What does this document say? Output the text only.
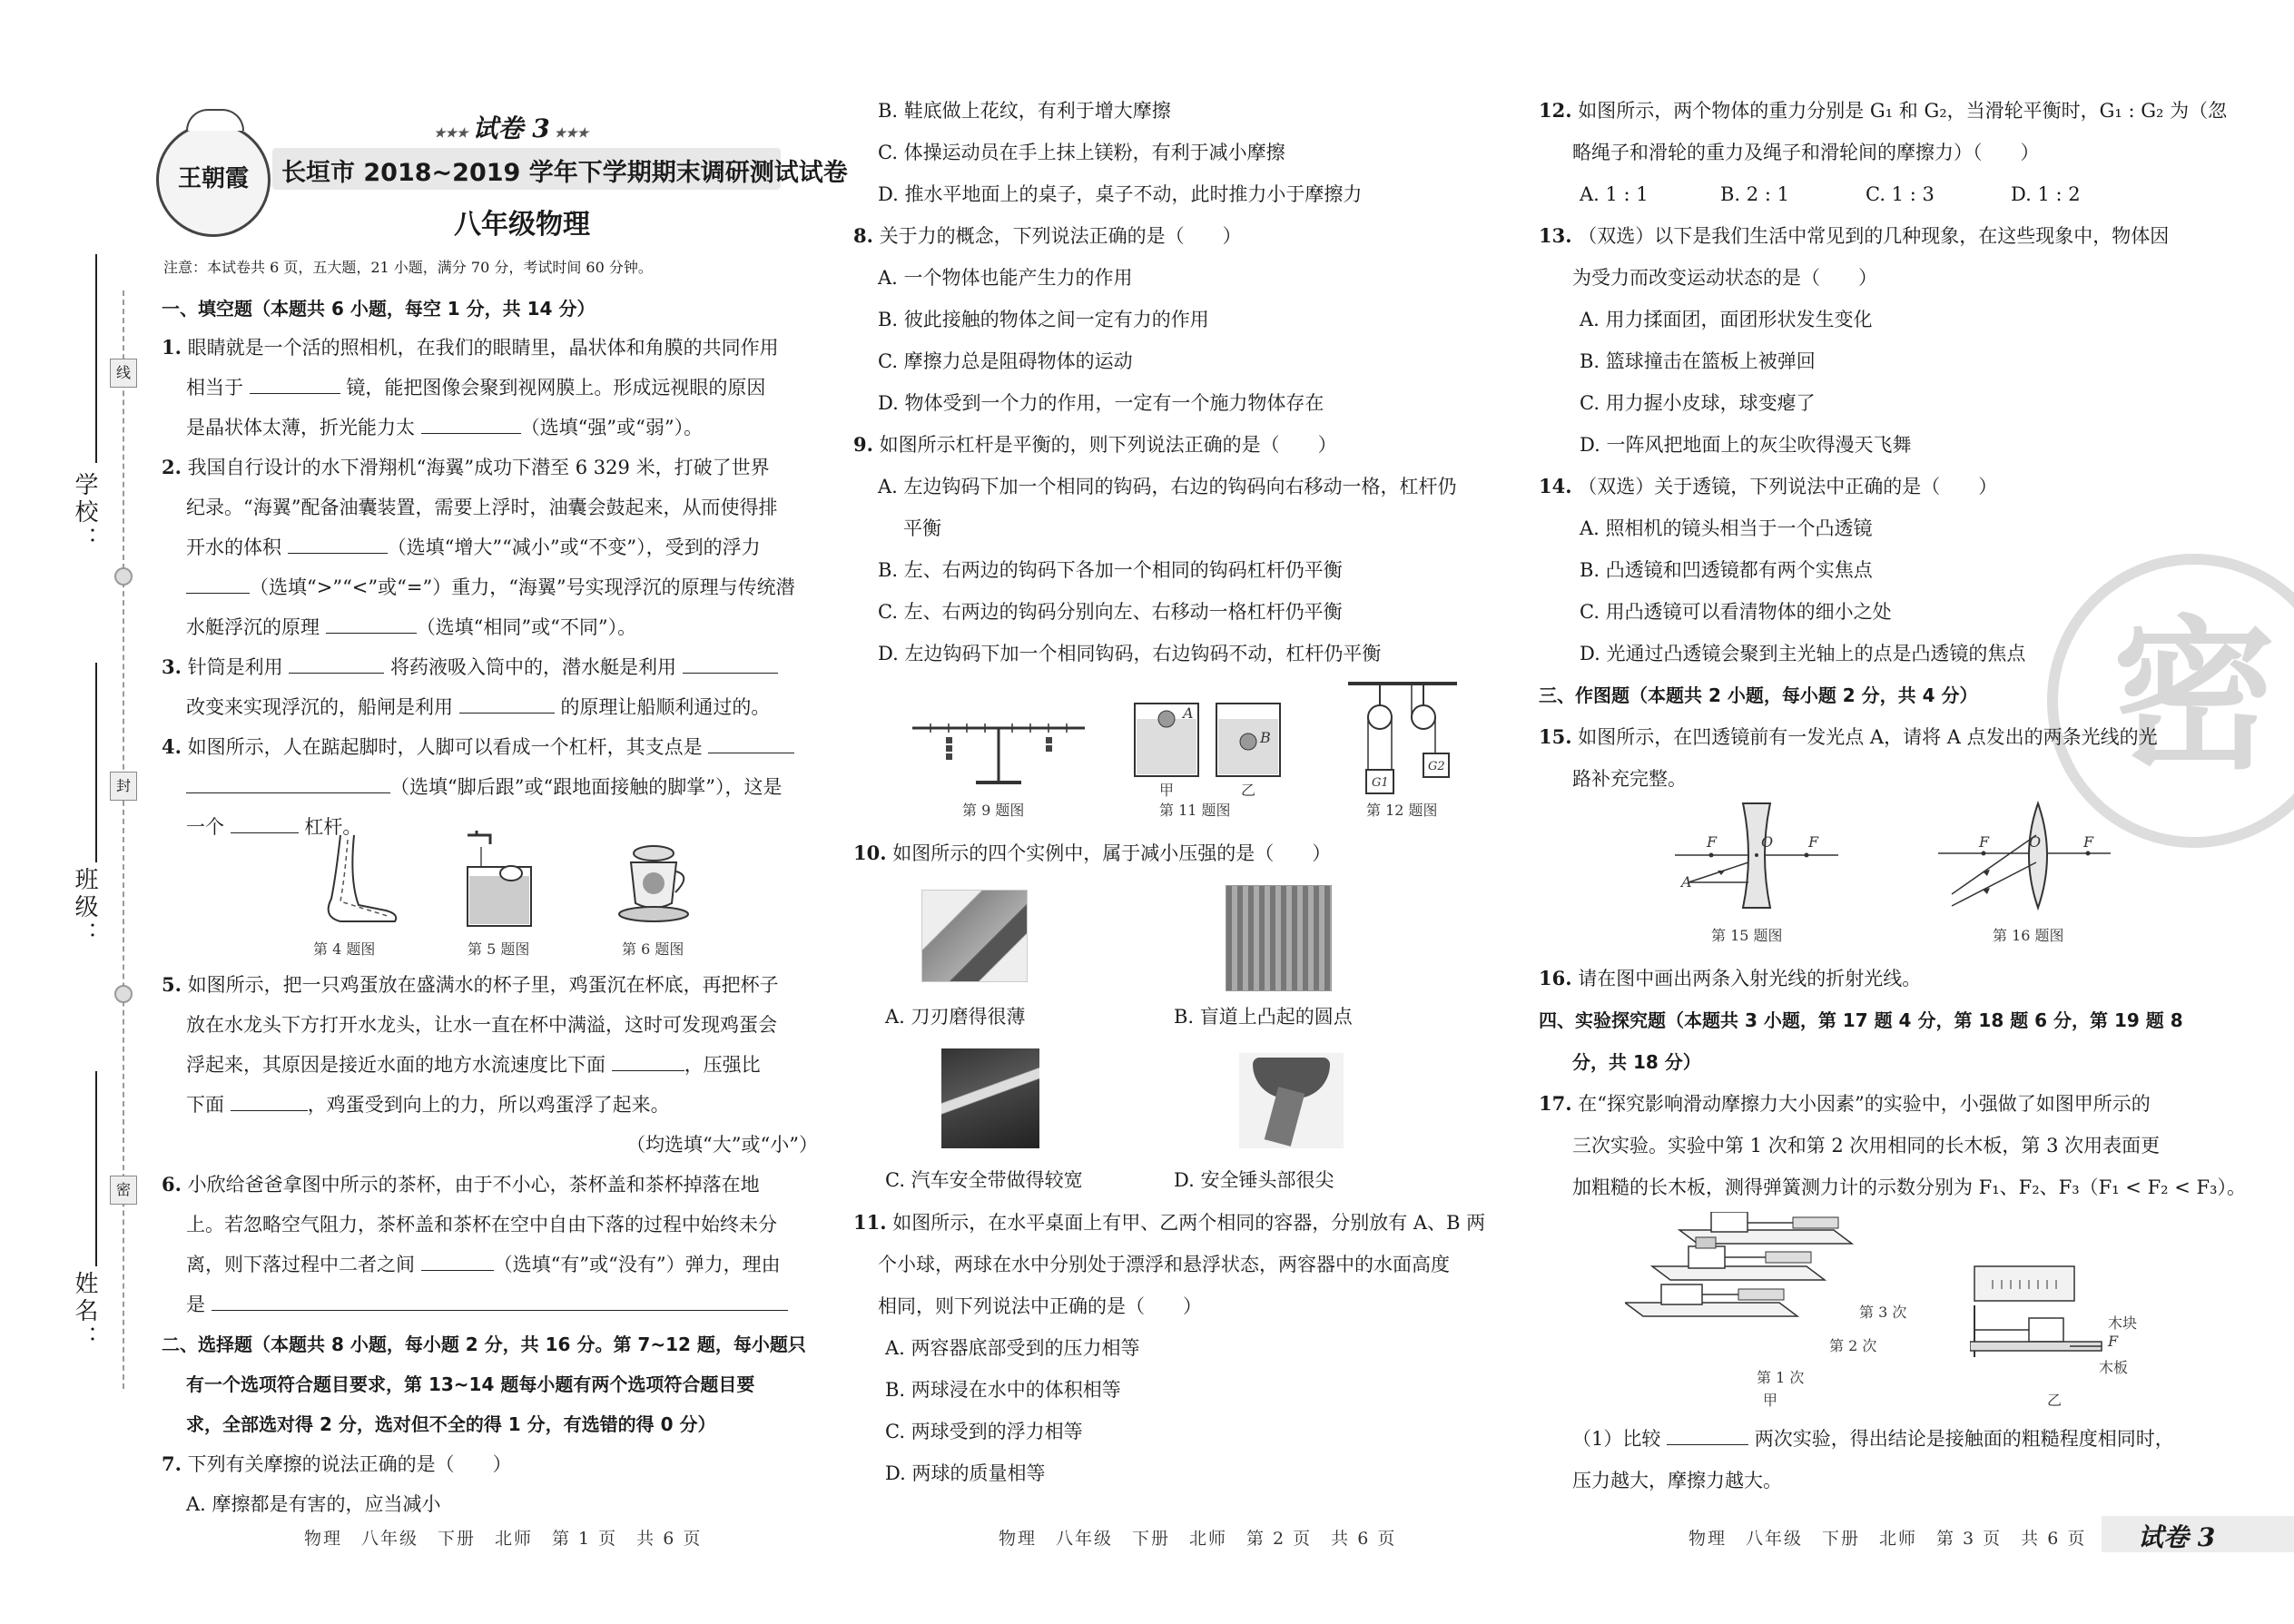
学校：
班级：
姓名：
线
封
密
王朝霞
★★★ 试卷 3 ★★★
长垣市 2018~2019 学年下学期期末调研测试试卷
八年级物理
注意：本试卷共 6 页，五大题，21 小题，满分 70 分，考试时间 60 分钟。
一、填空题（本题共 6 小题，每空 1 分，共 14 分）
1. 眼睛就是一个活的照相机，在我们的眼睛里，晶状体和角膜的共同作用
相当于	镜，能把图像会聚到视网膜上。形成远视眼的原因
是晶状体太薄，折光能力太	（选填“强”或“弱”）。
2. 我国自行设计的水下滑翔机“海翼”成功下潜至 6 329 米，打破了世界
纪录。“海翼”配备油囊装置，需要上浮时，油囊会鼓起来，从而使得排
开水的体积	（选填“增大”“减小”或“不变”），受到的浮力
（选填“>”“<”或“=”）重力，“海翼”号实现浮沉的原理与传统潜
水艇浮沉的原理	（选填“相同”或“不同”）。
3. 针筒是利用	将药液吸入筒中的，潜水艇是利用
改变来实现浮沉的，船闸是利用	的原理让船顺利通过的。
4. 如图所示，人在踮起脚时，人脚可以看成一个杠杆，其支点是
（选填“脚后跟”或“跟地面接触的脚掌”），这是
一个	杠杆。
第 4 题图	第 5 题图	第 6 题图
5. 如图所示，把一只鸡蛋放在盛满水的杯子里，鸡蛋沉在杯底，再把杯子
放在水龙头下方打开水龙头，让水一直在杯中满溢，这时可发现鸡蛋会
浮起来，其原因是接近水面的地方水流速度比下面	，压强比
下面	，鸡蛋受到向上的力，所以鸡蛋浮了起来。
（均选填“大”或“小”）
6. 小欣给爸爸拿图中所示的茶杯，由于不小心，茶杯盖和茶杯掉落在地
上。若忽略空气阻力，茶杯盖和茶杯在空中自由下落的过程中始终未分
离，则下落过程中二者之间	（选填“有”或“没有”）弹力，理由
是
二、选择题（本题共 8 小题，每小题 2 分，共 16 分。第 7~12 题，每小题只
有一个选项符合题目要求，第 13~14 题每小题有两个选项符合题目要
求，全部选对得 2 分，选对但不全的得 1 分，有选错的得 0 分）
7. 下列有关摩擦的说法正确的是（　　）
A. 摩擦都是有害的，应当减小
物理　八年级　下册　北师　第 1 页　共 6 页
B. 鞋底做上花纹，有利于增大摩擦
C. 体操运动员在手上抹上镁粉，有利于减小摩擦
D. 推水平地面上的桌子，桌子不动，此时推力小于摩擦力
8. 关于力的概念，下列说法正确的是（　　）
A. 一个物体也能产生力的作用
B. 彼此接触的物体之间一定有力的作用
C. 摩擦力总是阻碍物体的运动
D. 物体受到一个力的作用，一定有一个施力物体存在
9. 如图所示杠杆是平衡的，则下列说法正确的是（　　）
A. 左边钩码下加一个相同的钩码，右边的钩码向右移动一格，杠杆仍
平衡
B. 左、右两边的钩码下各加一个相同的钩码杠杆仍平衡
C. 左、右两边的钩码分别向左、右移动一格杠杆仍平衡
D. 左边钩码下加一个相同钩码，右边钩码不动，杠杆仍平衡
第 9 题图
A
B
甲	乙
第 11 题图
G1
G2
第 12 题图
10. 如图所示的四个实例中，属于减小压强的是（　　）
A. 刀刃磨得很薄	B. 盲道上凸起的圆点
C. 汽车安全带做得较宽	D. 安全锤头部很尖
11. 如图所示，在水平桌面上有甲、乙两个相同的容器，分别放有 A、B 两
个小球，两球在水中分别处于漂浮和悬浮状态，两容器中的水面高度
相同，则下列说法中正确的是（　　）
A. 两容器底部受到的压力相等
B. 两球浸在水中的体积相等
C. 两球受到的浮力相等
D. 两球的质量相等
物理　八年级　下册　北师　第 2 页　共 6 页
密
12. 如图所示，两个物体的重力分别是 G₁ 和 G₂，当滑轮平衡时，G₁ : G₂ 为（忽
略绳子和滑轮的重力及绳子和滑轮间的摩擦力）（　　）
A. 1 : 1	B. 2 : 1	C. 1 : 3	D. 1 : 2
13. （双选）以下是我们生活中常见到的几种现象，在这些现象中，物体因
为受力而改变运动状态的是（　　）
A. 用力揉面团，面团形状发生变化
B. 篮球撞击在篮板上被弹回
C. 用力握小皮球，球变瘪了
D. 一阵风把地面上的灰尘吹得漫天飞舞
14. （双选）关于透镜，下列说法中正确的是（　　）
A. 照相机的镜头相当于一个凸透镜
B. 凸透镜和凹透镜都有两个实焦点
C. 用凸透镜可以看清物体的细小之处
D. 光通过凸透镜会聚到主光轴上的点是凸透镜的焦点
三、作图题（本题共 2 小题，每小题 2 分，共 4 分）
15. 如图所示，在凹透镜前有一发光点 A，请将 A 点发出的两条光线的光
路补充完整。
F	O F
A
第 15 题图
F	O	F
第 16 题图
16. 请在图中画出两条入射光线的折射光线。
四、实验探究题（本题共 3 小题，第 17 题 4 分，第 18 题 6 分，第 19 题 8
分，共 18 分）
17. 在“探究影响滑动摩擦力大小因素”的实验中，小强做了如图甲所示的
三次实验。实验中第 1 次和第 2 次用相同的长木板，第 3 次用表面更
加粗糙的长木板，测得弹簧测力计的示数分别为 F₁、F₂、F₃（F₁ < F₂ < F₃）。
第 3 次
第 2 次
第 1 次
甲
木块
F
木板
乙
（1）比较	两次实验，得出结论是接触面的粗糙程度相同时，
压力越大，摩擦力越大。
物理　八年级　下册　北师　第 3 页　共 6 页 试卷 3
